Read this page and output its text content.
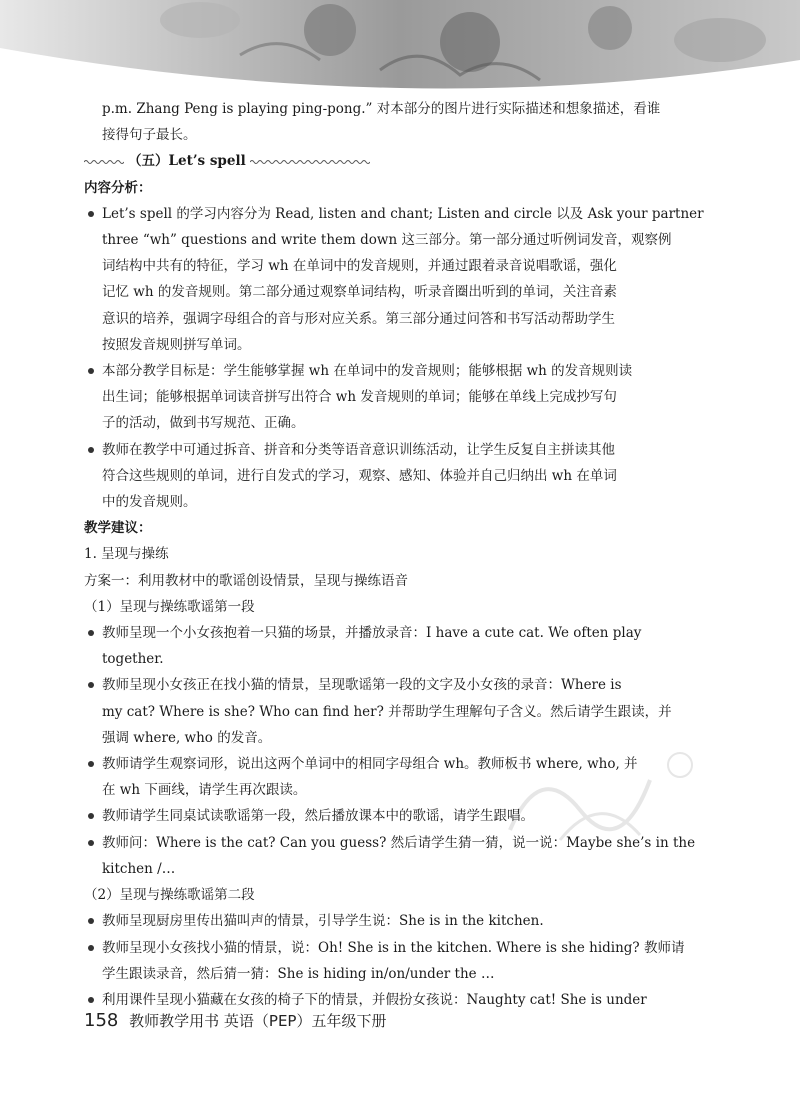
p.m. Zhang Peng is playing ping-pong.” 对本部分的图片进行实际描述和想象描述，看谁

接得句子最长。

（五）Let’s spell

内容分析：

Let’s spell 的学习内容分为 Read, listen and chant; Listen and circle 以及 Ask your partner

three “wh” questions and write them down 这三部分。第一部分通过听例词发音，观察例

词结构中共有的特征，学习 wh 在单词中的发音规则，并通过跟着录音说唱歌谣，强化

记忆 wh 的发音规则。第二部分通过观察单词结构，听录音圈出听到的单词，关注音素

意识的培养，强调字母组合的音与形对应关系。第三部分通过问答和书写活动帮助学生

按照发音规则拼写单词。

本部分教学目标是：学生能够掌握 wh 在单词中的发音规则；能够根据 wh 的发音规则读

出生词；能够根据单词读音拼写出符合 wh 发音规则的单词；能够在单线上完成抄写句

子的活动，做到书写规范、正确。

教师在教学中可通过拆音、拼音和分类等语音意识训练活动，让学生反复自主拼读其他

符合这些规则的单词，进行自发式的学习，观察、感知、体验并自己归纳出 wh 在单词

中的发音规则。

教学建议：

1. 呈现与操练

方案一：利用教材中的歌谣创设情景，呈现与操练语音

（1）呈现与操练歌谣第一段

教师呈现一个小女孩抱着一只猫的场景，并播放录音：I have a cute cat. We often play

together.

教师呈现小女孩正在找小猫的情景，呈现歌谣第一段的文字及小女孩的录音：Where is

my cat? Where is she? Who can find her? 并帮助学生理解句子含义。然后请学生跟读，并

强调 where, who 的发音。

教师请学生观察词形，说出这两个单词中的相同字母组合 wh。教师板书 where, who, 并

在 wh 下画线，请学生再次跟读。

教师请学生同桌试读歌谣第一段，然后播放课本中的歌谣，请学生跟唱。

教师问：Where is the cat? Can you guess? 然后请学生猜一猜，说一说：Maybe she’s in the

kitchen /…

（2）呈现与操练歌谣第二段

教师呈现厨房里传出猫叫声的情景，引导学生说：She is in the kitchen.

教师呈现小女孩找小猫的情景，说：Oh! She is in the kitchen. Where is she hiding? 教师请

学生跟读录音，然后猜一猜：She is hiding in/on/under the …

利用课件呈现小猫藏在女孩的椅子下的情景，并假扮女孩说：Naughty cat! She is under

158 教师教学用书 英语（PEP）五年级下册
